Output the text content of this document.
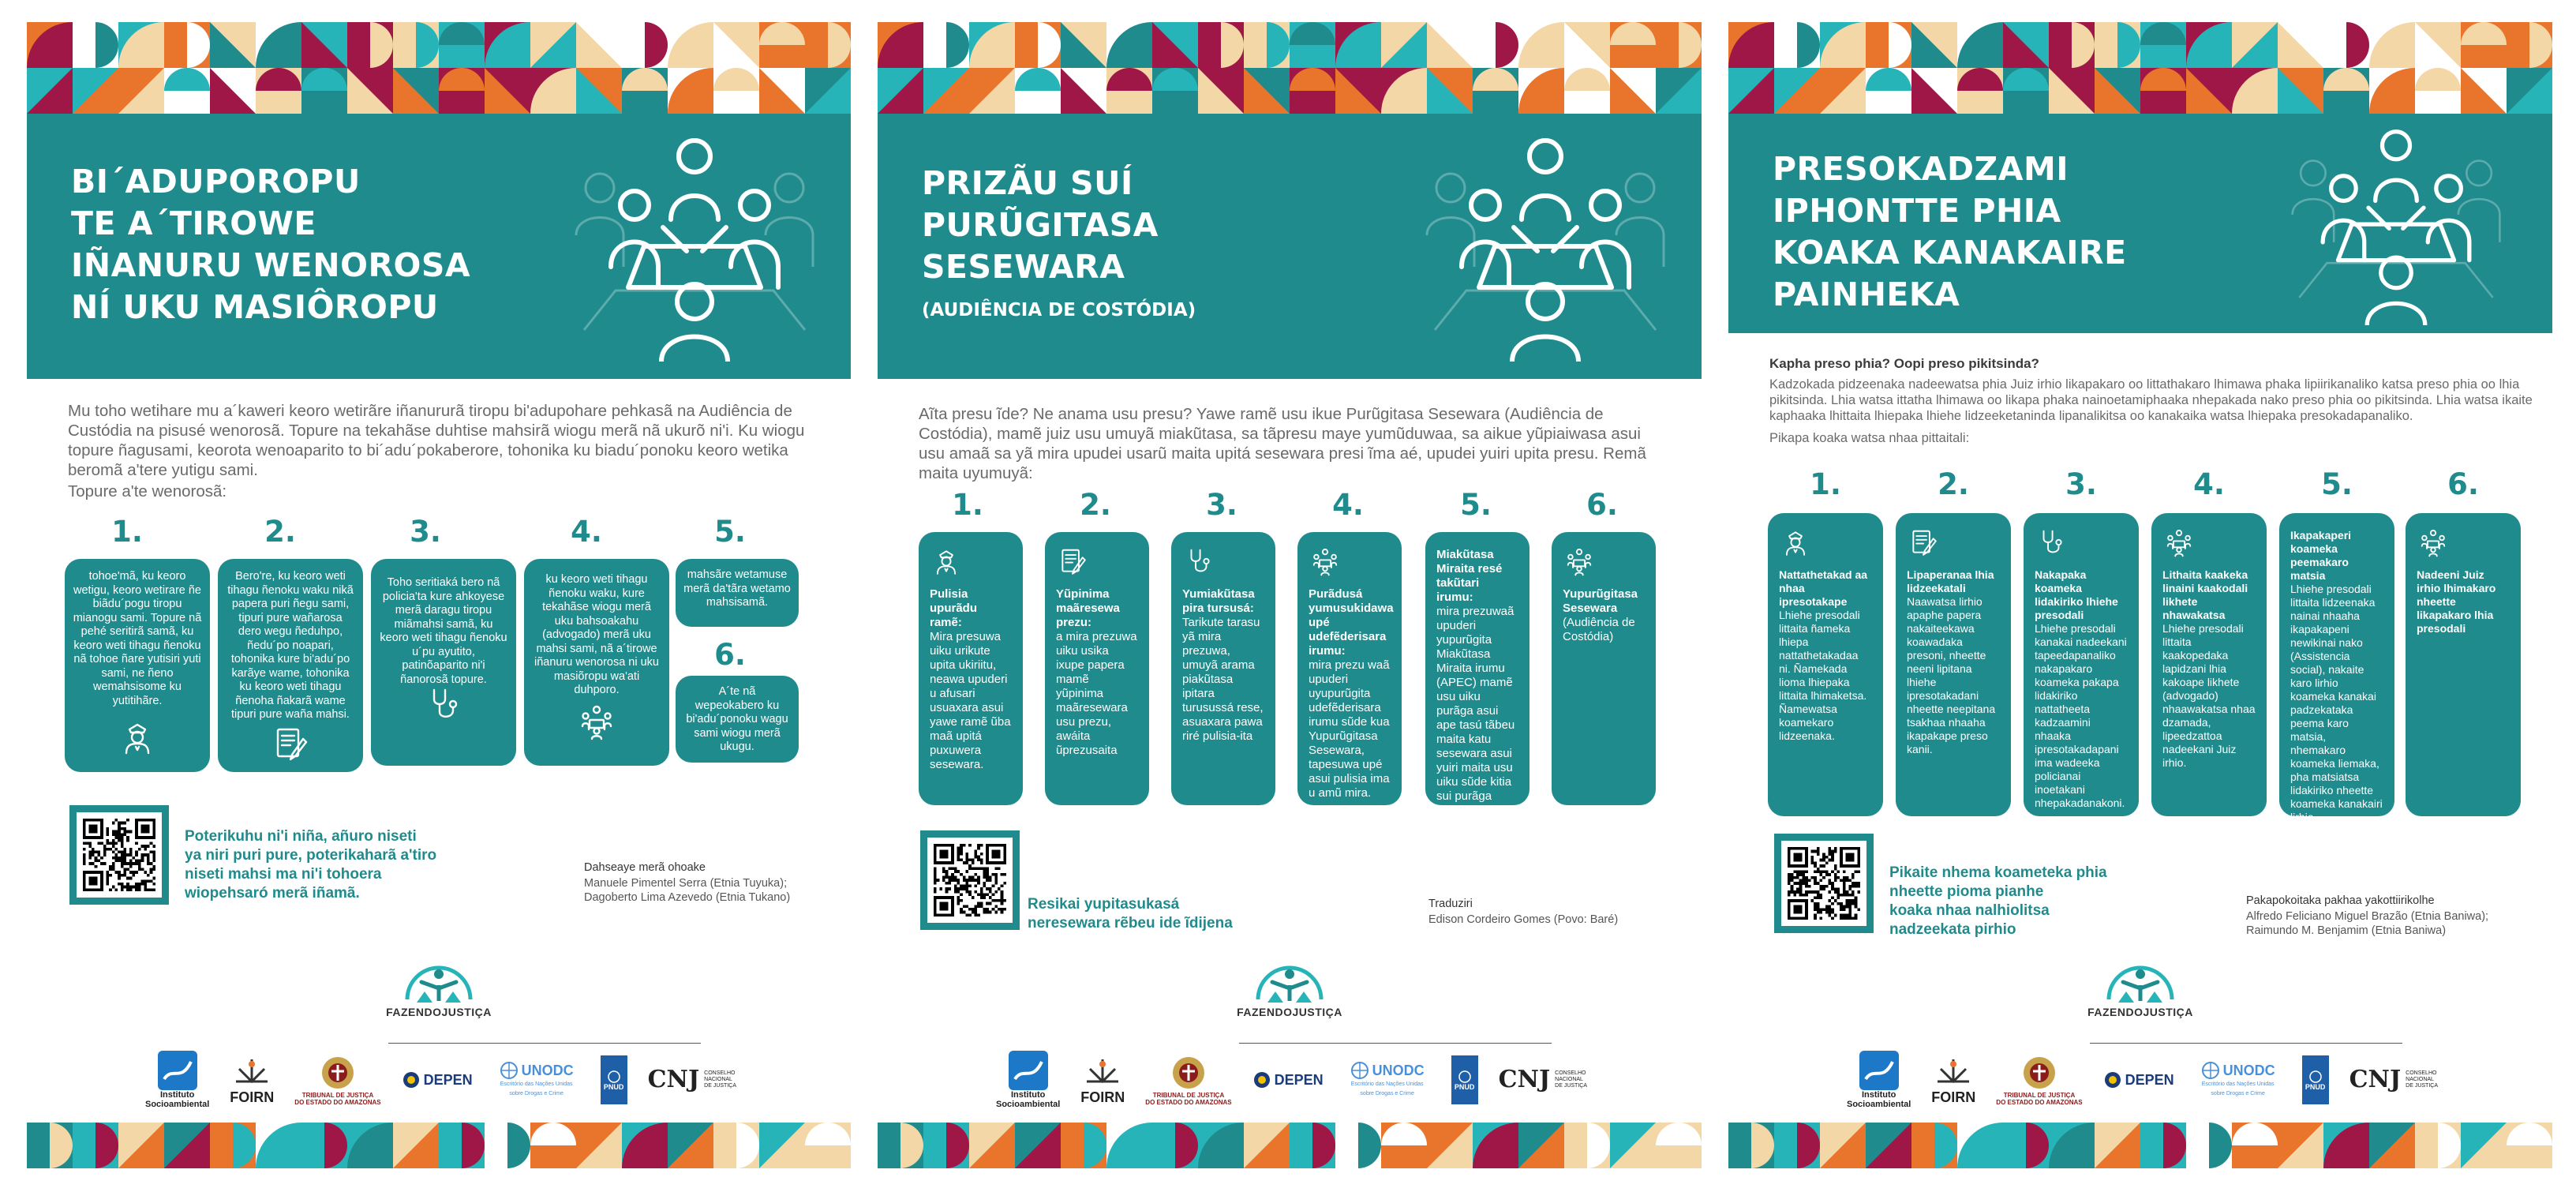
BI´ADUPOROPU
TE A´TIROWE
IÑANURU WENOROSA
NÍ UKU MASIÔROPU

Mu toho wetihare mu a´kaweri keoro wetirãre iñanururã tiropu bi'adupohare pehkasã na Audiência de Custódia na pisusé wenorosã. Topure na tekahãse duhtise mahsirã wiogu merã nã ukurõ ni'i. Ku wiogu topure ñagusami, keorota wenoaparito to bi´adu´pokaberore, tohonika ku biadu´ponoku keoro wetika beromã a'tere yutigu sami.

Topure a'te wenorosã:

1.	2.	3.	4.	5.
6.
tohoe'mã, ku keoro wetigu, keoro wetirare ñe biãdu´pogu tiropu mianogu sami. Topure nã pehé seritirã samã, ku keoro weti tihagu ñenoku nã tohoe ñare yutisiri yuti sami, ne ñeno wemahsisome ku yutitihãre.
Bero're, ku keoro weti tihagu ñenoku waku nikã papera puri ñegu sami, tipuri pure wañarosa dero wegu ñeduhpo, ñedu´po noapari, tohonika kure bi'adu´po karãye wame, tohonika ku keoro weti tihagu ñenoha ñakarã wame tipuri pure waña mahsi.
Toho seritiaká bero nã policia'ta kure ahkoyese merã daragu tiropu miãmahsi samã, ku keoro weti tihagu ñenoku u´pu ayutito, patinõaparito ni'i ñanorosã topure.
ku keoro weti tihagu ñenoku waku, kure tekahãse wiogu merã uku bahsoakahu (advogado) merã uku mahsi sami, nã a´tirowe iñanuru wenorosa ni uku masiõropu wa'ati duhporo.
mahsãre wetamuse merã da'tãra wetamo mahsisamã.
A´te nã wepeokabero ku bi'adu´ponoku wagu sami wiogu merã ukugu.
Poterikuhu ni'i niña, añuro niseti
ya niri puri pure, poterikaharã a'tiro
niseti mahsi ma ni'i tohoera
wiopehsaró merã iñamã.
Dahseaye merã ohoake
Manuele Pimentel Serra (Etnia Tuyuka);
Dagoberto Lima Azevedo (Etnia Tukano)
FAZENDOJUSTIÇA
Instituto
Socioambiental FOIRN	TRIBUNAL DE JUSTIÇA
DO ESTADO DO AMAZONAS
DEPEN
UNODC
Escritório das Nações Unidas sobre Drogas e Crime
PNUD CNJ CONSELHO
NACIONAL
DE JUSTIÇA
PRIZÃU SUÍ
PURŨGITASA
SESEWARA
(AUDIÊNCIA DE COSTÓDIA)

Aĩta presu ĩde? Ne anama usu presu? Yawe ramẽ usu ikue Purũgitasa Sesewara (Audiência de Costódia), mamẽ juiz usu umuyã miakũtasa, sa tãpresu maye yumũduwaa, sa aikue yũpiaiwasa asui usu amaã sa yã mira upudei usarũ maita upitá sesewara presi ĩma aé, upudei yuiri upita presu. Remã maita uyumuyã:

1.	2.	3.	4.	5.	6.
Pulisia upurãdu ramẽ:
Mira presuwa uiku urikute upita ukiriitu, neawa upuderi u afusari usuaxara asui yawe ramẽ ũba maã upitá puxuwera sesewara.
Yũpinima maãresewa prezu:
a mira prezuwa uiku usika ixupe papera mamẽ yũpinima maãresewara usu prezu, awáita ũprezusaita
Yumiakũtasa pira tursusá:
Tarikute tarasu yã mira prezuwa, umuyã arama piakũtasa ipitara turusussá rese, asuaxara pawa riré pulisia-ita
Purãdusá yumusukidawa upé udefẽderisara irumu:
mira prezu waã upuderi uyupurũgita udefẽderisara irumu sũde kua Yupurũgitasa Sesewara, tapesuwa upé asui pulisia ima u amũ mira.
Miakũtasa Miraita resé takũtari irumu:
mira prezuwaã upuderi yupurũgita Miakũtasa Miraita irumu (APEC) mamẽ usu uiku purãga asui ape tasú tãbeu maita katu sesewara asui yuiri maita usu uiku sũde kitia sui purãga arama uyusá.
Yupurũgitasa Sesewara
(Audiência de Costódia)
Resikai yupitasukasá
neresewara rẽbeu ide ĩdijena
Traduziri
Edison Cordeiro Gomes (Povo: Baré)
FAZENDOJUSTIÇA
Instituto
Socioambiental FOIRN	TRIBUNAL DE JUSTIÇA
DO ESTADO DO AMAZONAS
DEPEN
UNODC
Escritório das Nações Unidas sobre Drogas e Crime
PNUD CNJ CONSELHO
NACIONAL
DE JUSTIÇA
PRESOKADZAMI
IPHONTTE PHIA
KOAKA KANAKAIRE
PAINHEKA

Kapha preso phia? Oopi preso pikitsinda?

Kadzokada pidzeenaka nadeewatsa phia Juiz irhio likapakaro oo littathakaro lhimawa phaka lipiirikanaliko katsa preso phia oo lhia pikitsinda. Lhia watsa ittatha lhimawa oo likapa phaka nainoetamiphaaka nhepakada nako preso phia oo pikitsinda. Lhia watsa ikaite kaphaaka lhittaita lhiepaka lhiehe lidzeeketaninda lipanalikitsa oo kanakaika watsa lhiepaka presokadapanaliko.

Pikapa koaka watsa nhaa pittaitali:

1.	2.	3.	4.	5.	6.
Nattathetakad aa nhaa ipresotakape
Lhiehe presodali littaita ñameka lhiepa nattathetakadaa ni. Ñamekada lioma lhiepaka littaita lhimaketsa. Ñamewatsa koamekaro lidzeenaka.
Lipaperanaa lhia lidzeekatali
Naawatsa lirhio apaphe papera nakaiteekawa koawadaka presoni, nheette neeni lipitana lhiehe ipresotakadani nheette neepitana tsakhaa nhaaha ikapakape preso kanii.
Nakapaka koameka lidakiriko lhiehe presodali
Lhiehe presodali kanakai nadeekani tapeedapanaliko nakapakaro koameka pakapa lidakiriko nattatheeta kadzaamini nhaaka ipresotakadapani ima wadeeka policianai inoetakani nhepakadanakoni.
Lithaita kaakeka linaini kaakodali likhete nhawakatsa
Lhiehe presodali littaita kaakopedaka lapidzani lhia kakoape likhete (advogado) nhaawakatsa nhaa dzamada, lipeedzattoa nadeekani Juiz irhio.
Ikapakaperi koameka peemakaro matsia
Lhiehe presodali littaita lidzeenaka nainai nhaaha ikapakapeni newikinai nako (Assistencia social), nakaite karo lirhio koameka kanakai padzekataka peema karo matsia, nhemakaro koameka liemaka, pha matsiatsa lidakiriko nheette koameka kanakairi lirhio.
Nadeeni Juiz irhio lhimakaro nheette likapakaro lhia presodali
Pikaite nhema koameteka phia
nheette pioma pianhe
koaka nhaa nalhiolitsa
nadzeekata pirhio
Pakapokoitaka pakhaa yakottiirikolhe
Alfredo Feliciano Miguel Brazão (Etnia Baniwa);
Raimundo M. Benjamim (Etnia Baniwa)
FAZENDOJUSTIÇA
Instituto
Socioambiental FOIRN	TRIBUNAL DE JUSTIÇA
DO ESTADO DO AMAZONAS
DEPEN
UNODC
Escritório das Nações Unidas sobre Drogas e Crime
PNUD CNJ CONSELHO
NACIONAL
DE JUSTIÇA
